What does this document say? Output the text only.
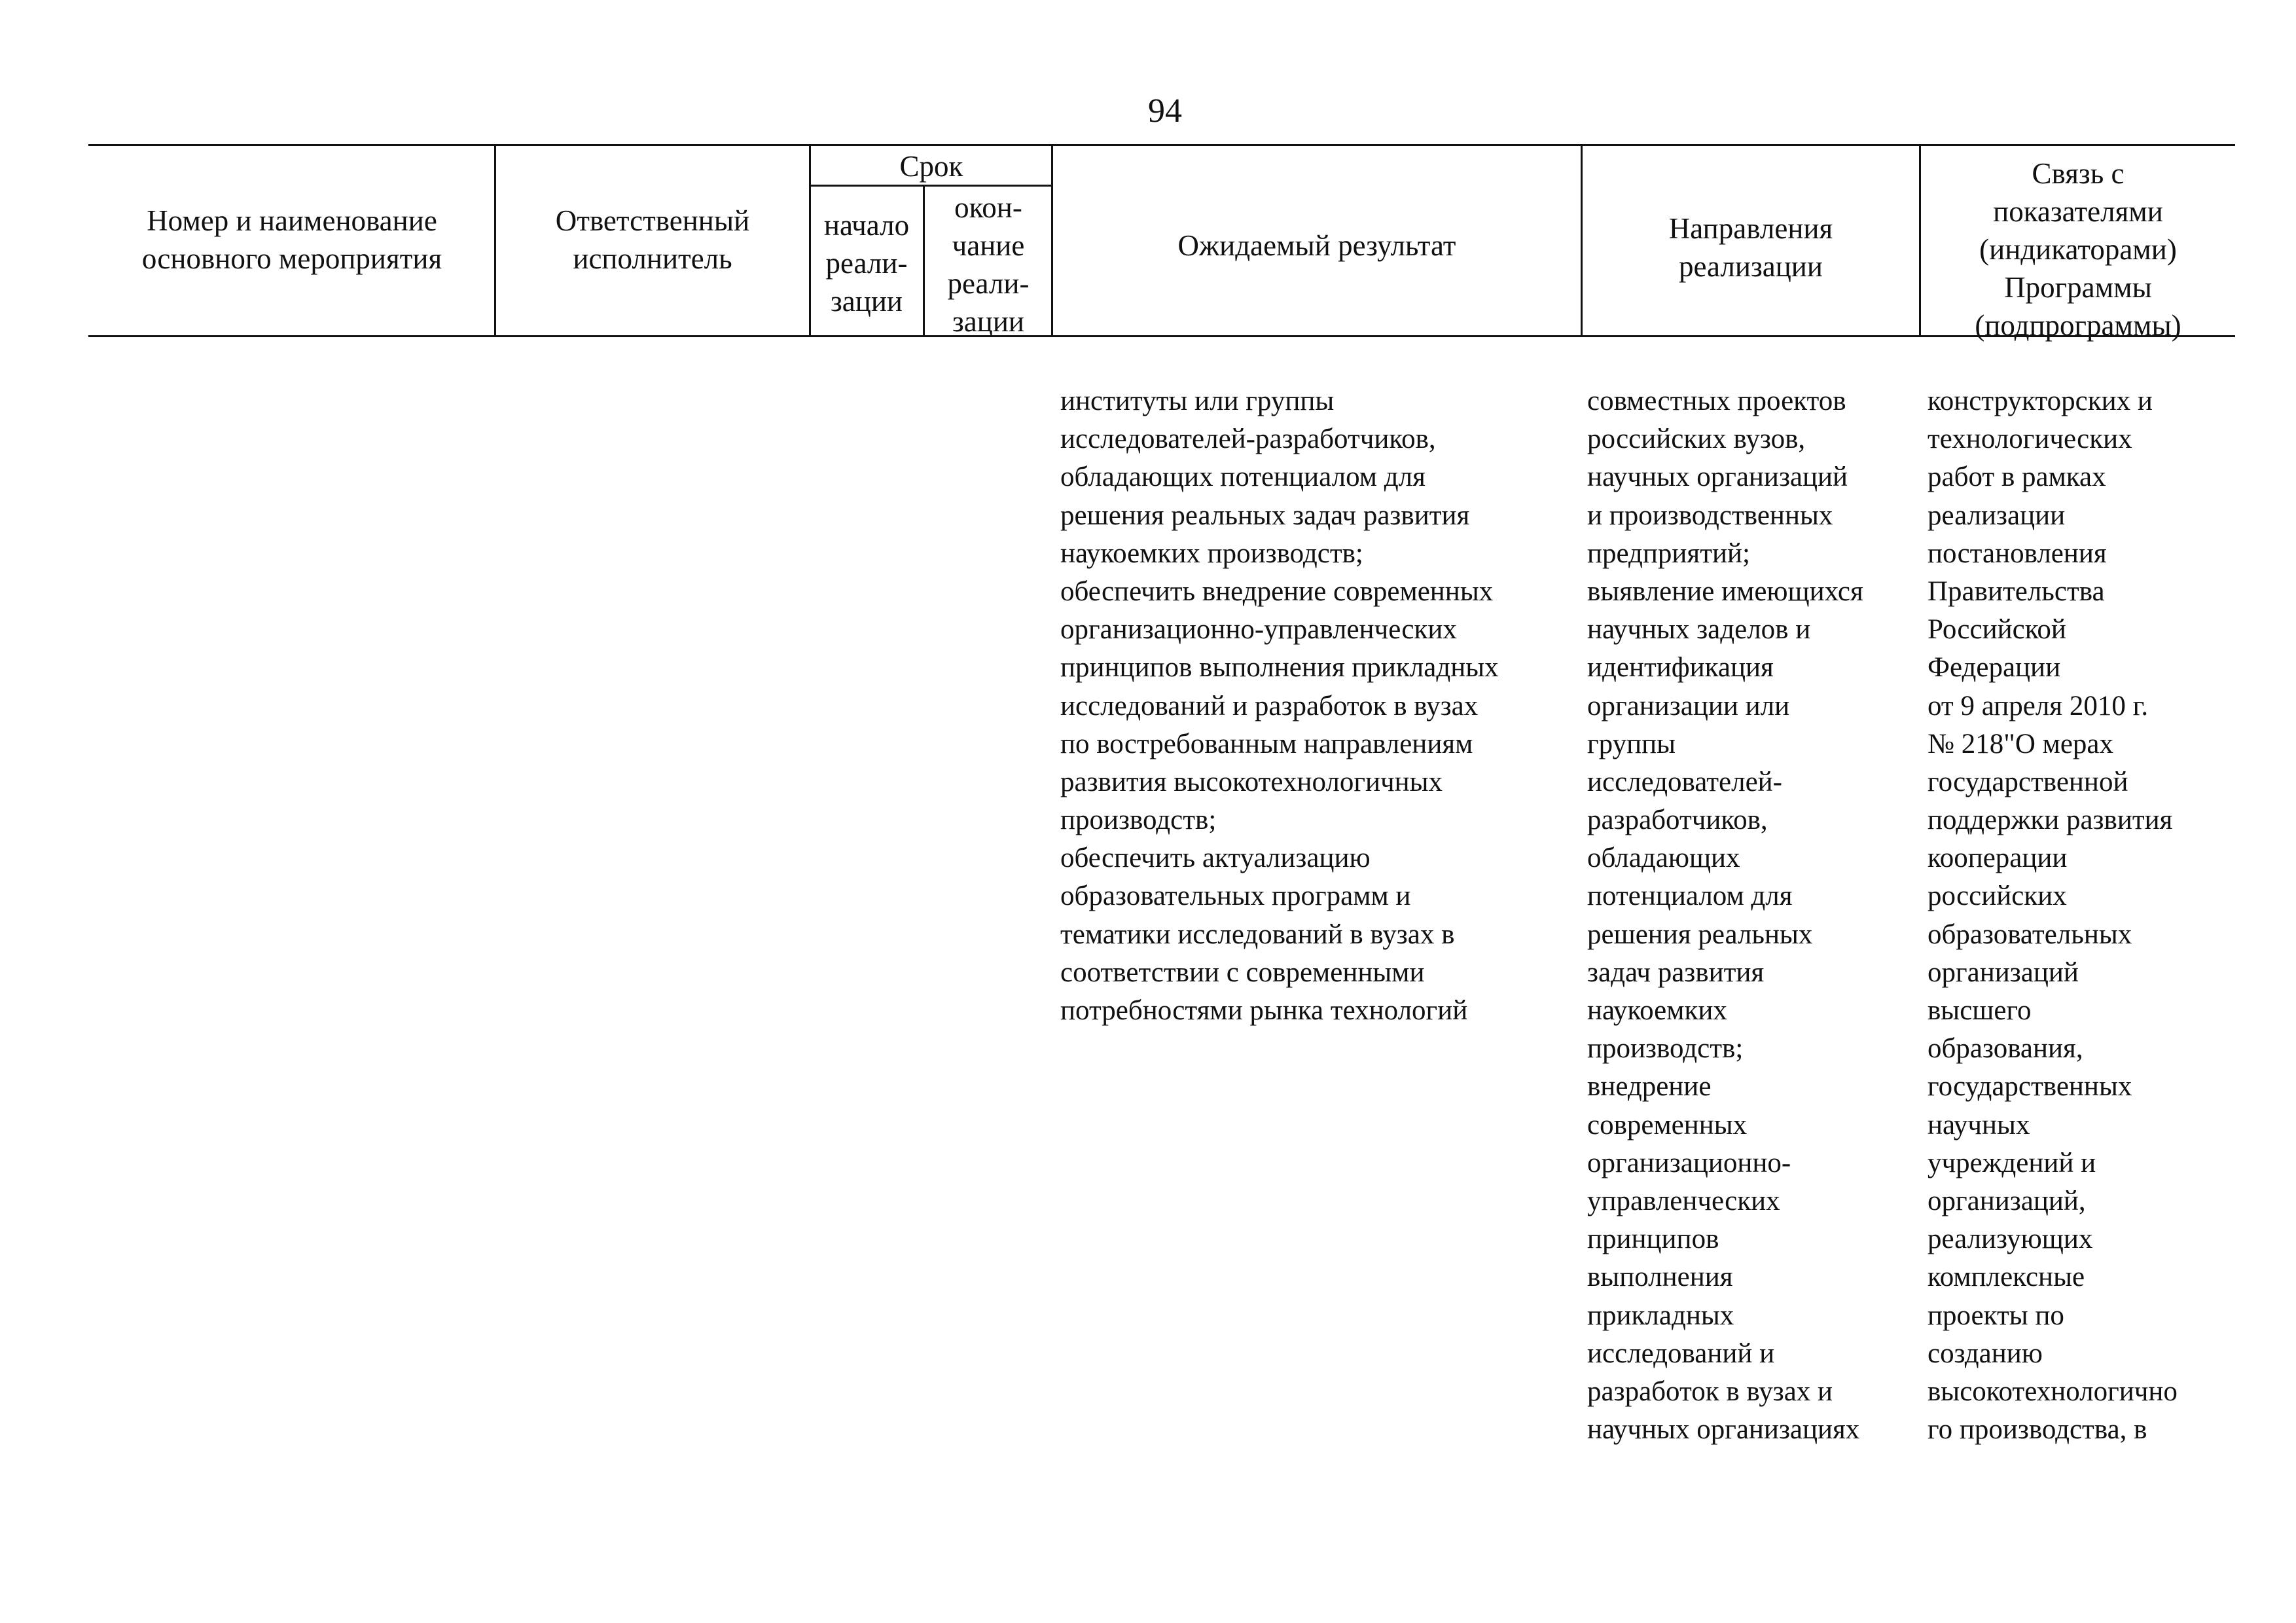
94
Номер и наименование
основного мероприятия
Ответственный
исполнитель
Срок
начало
реали-
зации
окон-
чание
реали-
зации
Ожидаемый результат
Направления
реализации
Связь с
показателями
(индикаторами)
Программы
(подпрограммы)
институты или группы
исследователей-разработчиков,
обладающих потенциалом для
решения реальных задач развития
наукоемких производств;
обеспечить внедрение современных
организационно-управленческих
принципов выполнения прикладных
исследований и разработок в вузах
по востребованным направлениям
развития высокотехнологичных
производств;
обеспечить актуализацию
образовательных программ и
тематики исследований в вузах в
соответствии с современными
потребностями рынка технологий
совместных проектов
российских вузов,
научных организаций
и производственных
предприятий;
выявление имеющихся
научных заделов и
идентификация
организации или
группы
исследователей-
разработчиков,
обладающих
потенциалом для
решения реальных
задач развития
наукоемких
производств;
внедрение
современных
организационно-
управленческих
принципов
выполнения
прикладных
исследований и
разработок в вузах и
научных организациях
конструкторских и
технологических
работ в рамках
реализации
постановления
Правительства
Российской
Федерации
от 9 апреля 2010 г.
№ 218"О мерах
государственной
поддержки развития
кооперации
российских
образовательных
организаций
высшего
образования,
государственных
научных
учреждений и
организаций,
реализующих
комплексные
проекты по
созданию
высокотехнологично
го производства, в
